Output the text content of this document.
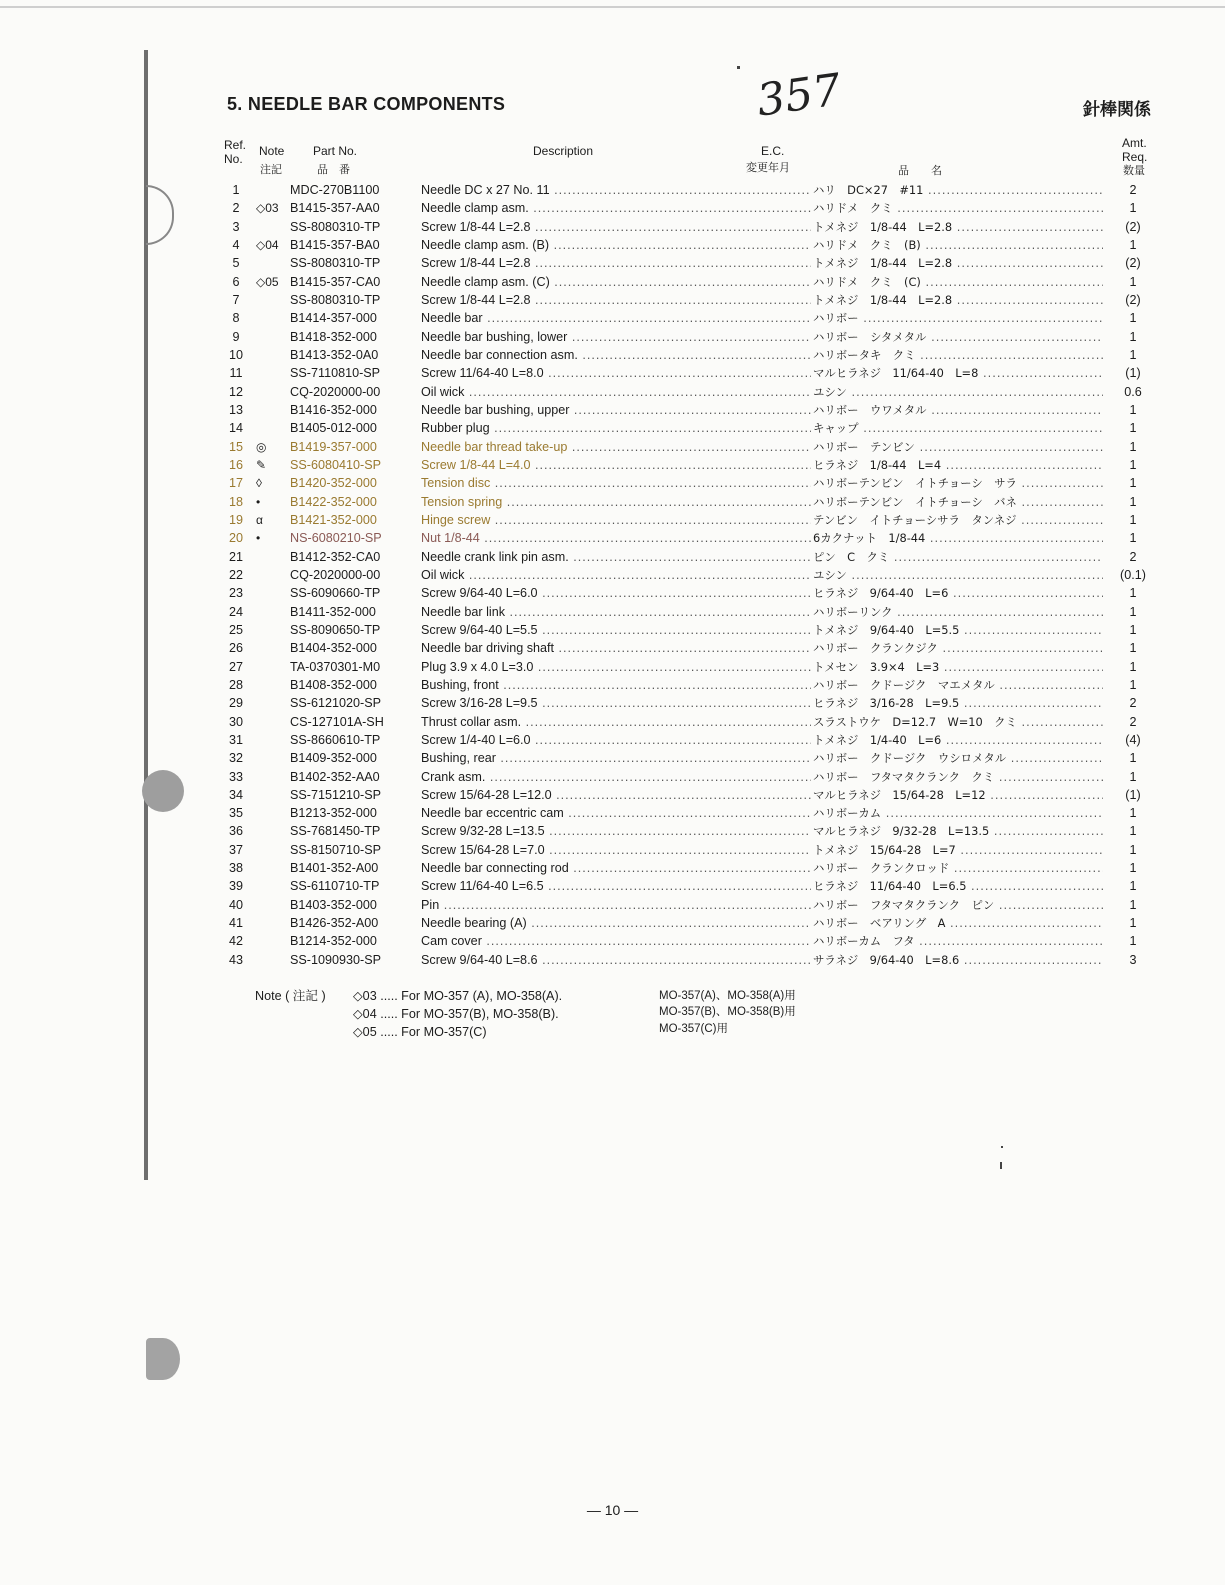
5. NEEDLE BAR COMPONENTS	針棒関係
357
Ref. No.
Note
注記
Part No.
品　番
Description	E.C.
変更年月	品　　名
Amt. Req.
数量
1	MDC-270B1100	Needle DC x 27 No. 11 .....	ハリ　DC×27　#11 .....	2
2	◇03 B1415-357-AA0	Needle clamp asm. .....	ハリドメ　クミ .....	1
3	SS-8080310-TP	Screw 1/8-44 L=2.8 .....	トメネジ　1/8-44　L=2.8 .....	(2)
4	◇04 B1415-357-BA0	Needle clamp asm. (B) .....	ハリドメ　クミ　(B) .....	1
5	SS-8080310-TP	Screw 1/8-44 L=2.8 .....	トメネジ　1/8-44　L=2.8 .....	(2)
6	◇05 B1415-357-CA0	Needle clamp asm. (C) .....	ハリドメ　クミ　(C) .....	1
7	SS-8080310-TP	Screw 1/8-44 L=2.8 .....	トメネジ　1/8-44　L=2.8 .....	(2)
8	B1414-357-000	Needle bar .....	ハリボー .....	1
9	B1418-352-000	Needle bar bushing, lower .....	ハリボー　シタメタル .....	1
10	B1413-352-0A0	Needle bar connection asm. .....	ハリボータキ　クミ .....	1
11	SS-7110810-SP	Screw 11/64-40 L=8.0 .....	マルヒラネジ　11/64-40　L=8 .....	(1)
12	CQ-2020000-00	Oil wick .....	ユシン .....	0.6
13	B1416-352-000	Needle bar bushing, upper .....	ハリボー　ウワメタル .....	1
14	B1405-012-000	Rubber plug .....	キャップ .....	1
15	◎	B1419-357-000	Needle bar thread take-up .....	ハリボー　テンビン .....	1
16	✎	SS-6080410-SP	Screw 1/8-44 L=4.0 .....	ヒラネジ　1/8-44　L=4 .....	1
17	◊	B1420-352-000	Tension disc .....	ハリボーテンビン　イトチョーシ　サラ .....	1
18	•	B1422-352-000	Tension spring .....	ハリボーテンビン　イトチョーシ　バネ .....	1
19	α	B1421-352-000	Hinge screw .....	テンビン　イトチョーシサラ　タンネジ .....	1
20	•	NS-6080210-SP	Nut 1/8-44 .....	6カクナット　1/8-44 .....	1
21	B1412-352-CA0	Needle crank link pin asm. .....	ピン　C　クミ .....	2
22	CQ-2020000-00	Oil wick .....	ユシン .....	(0.1)
23	SS-6090660-TP	Screw 9/64-40 L=6.0 .....	ヒラネジ　9/64-40　L=6 .....	1
24	B1411-352-000	Needle bar link .....	ハリボーリンク .....	1
25	SS-8090650-TP	Screw 9/64-40 L=5.5 .....	トメネジ　9/64-40　L=5.5 .....	1
26	B1404-352-000	Needle bar driving shaft .....	ハリボー　クランクジク .....	1
27	TA-0370301-M0	Plug 3.9 x 4.0 L=3.0 .....	トメセン　3.9×4　L=3 .....	1
28	B1408-352-000	Bushing, front .....	ハリボー　クドージク　マエメタル .....	1
29	SS-6121020-SP	Screw 3/16-28 L=9.5 .....	ヒラネジ　3/16-28　L=9.5 .....	2
30	CS-127101A-SH	Thrust collar asm. .....	スラストウケ　D=12.7　W=10　クミ .....	2
31	SS-8660610-TP	Screw 1/4-40 L=6.0 .....	トメネジ　1/4-40　L=6 .....	(4)
32	B1409-352-000	Bushing, rear .....	ハリボー　クドージク　ウシロメタル .....	1
33	B1402-352-AA0	Crank asm. .....	ハリボー　フタマタクランク　クミ .....	1
34	SS-7151210-SP	Screw 15/64-28 L=12.0 .....	マルヒラネジ　15/64-28　L=12 .....	(1)
35	B1213-352-000	Needle bar eccentric cam .....	ハリボーカム .....	1
36	SS-7681450-TP	Screw 9/32-28 L=13.5 .....	マルヒラネジ　9/32-28　L=13.5 .....	1
37	SS-8150710-SP	Screw 15/64-28 L=7.0 .....	トメネジ　15/64-28　L=7 .....	1
38	B1401-352-A00	Needle bar connecting rod .....	ハリボー　クランクロッド .....	1
39	SS-6110710-TP	Screw 11/64-40 L=6.5 .....	ヒラネジ　11/64-40　L=6.5 .....	1
40	B1403-352-000	Pin .....	ハリボー　フタマタクランク　ピン .....	1
41	B1426-352-A00	Needle bearing (A) .....	ハリボー　ベアリング　A .....	1
42	B1214-352-000	Cam cover .....	ハリボーカム　フタ .....	1
43	SS-1090930-SP	Screw 9/64-40 L=8.6 .....	サラネジ　9/64-40　L=8.6 .....	3
Note ( 注記 ) ◇03 ..... For MO-357 (A), MO-358(A).
◇04 ..... For MO-357(B), MO-358(B).
◇05 ..... For MO-357(C)
MO-357(A)、MO-358(A)用
MO-357(B)、MO-358(B)用
MO-357(C)用
— 10 —
